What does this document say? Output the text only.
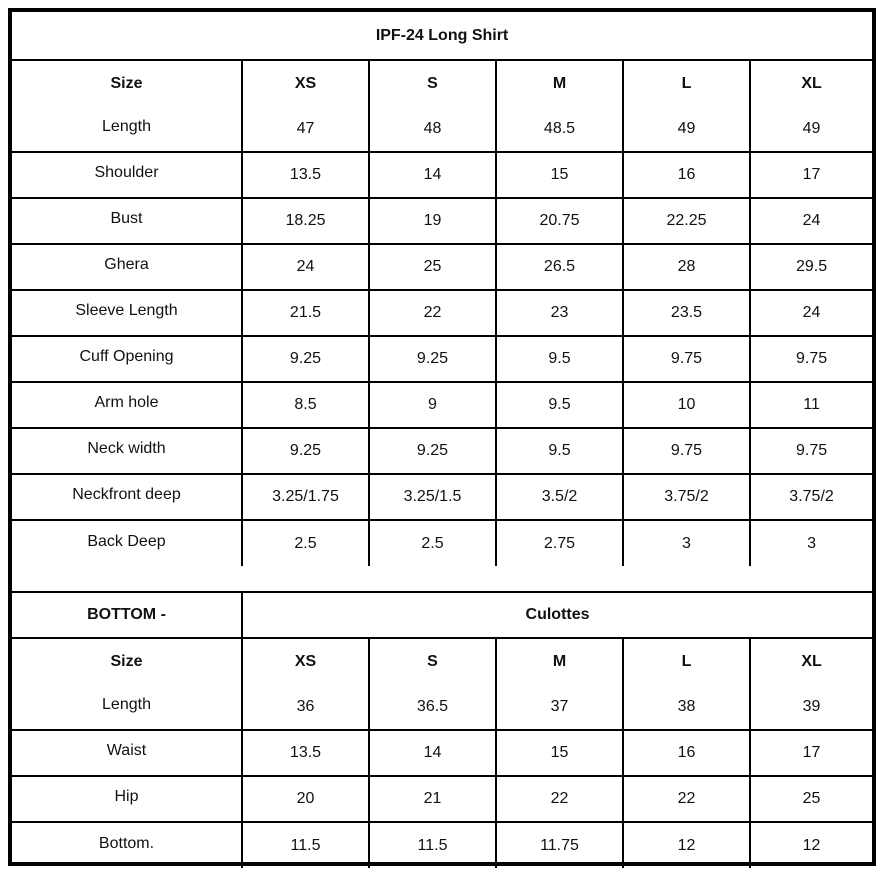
IPF-24 Long Shirt					
Size	XS	S	M	L	XL
Length	47	48	48.5	49	49
Shoulder	13.5	14	15	16	17
Bust	18.25	19	20.75	22.25	24
Ghera	24	25	26.5	28	29.5
Sleeve Length	21.5	22	23	23.5	24
Cuff Opening	9.25	9.25	9.5	9.75	9.75
Arm hole	8.5	9	9.5	10	11
Neck width	9.25	9.25	9.5	9.75	9.75
Neckfront deep	3.25/1.75	3.25/1.5	3.5/2	3.75/2	3.75/2
Back Deep	2.5	2.5	2.75	3	3

BOTTOM -	Culottes				
Size	XS	S	M	L	XL
Length	36	36.5	37	38	39
Waist	13.5	14	15	16	17
Hip	20	21	22	22	25
Bottom.	11.5	11.5	11.75	12	12
